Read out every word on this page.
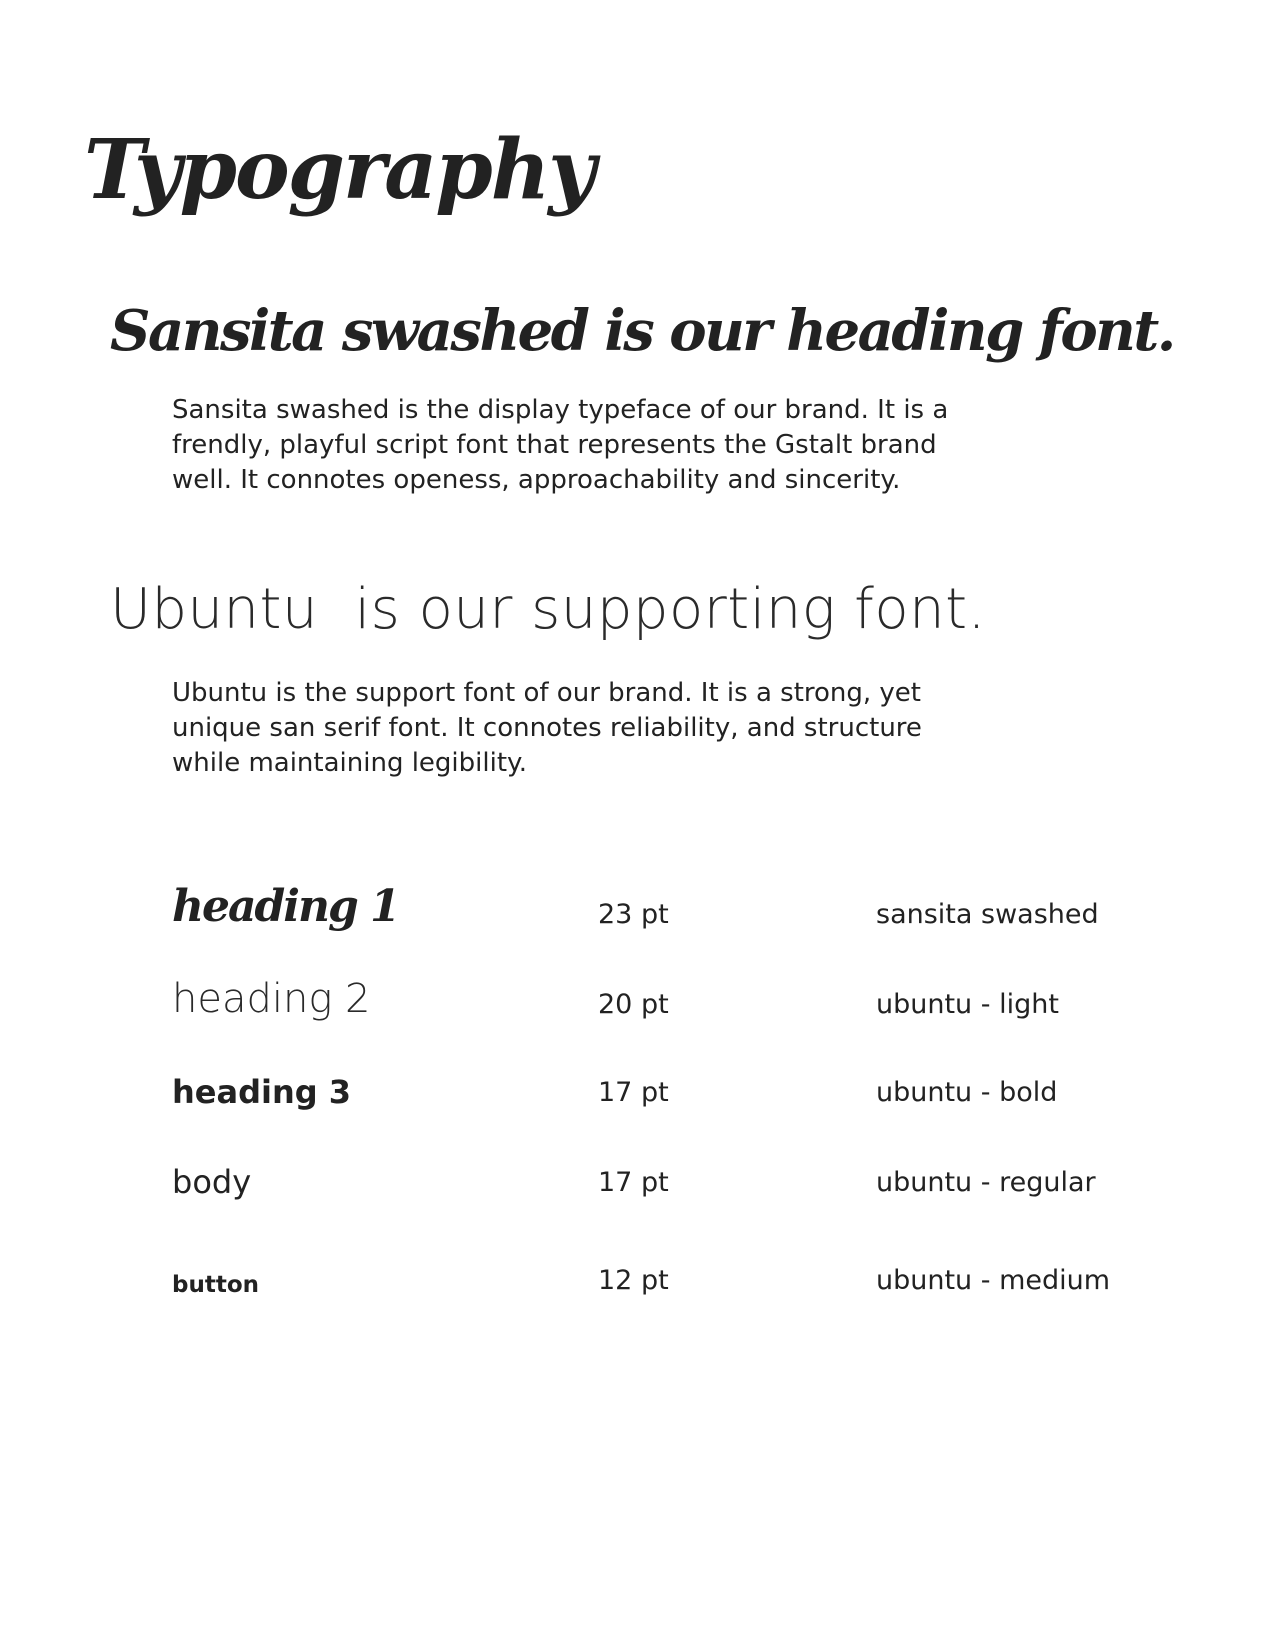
Typography
Sansita swashed is our heading font.

Sansita swashed is the display typeface of our brand. It is a
frendly, playful script font that represents the Gstalt brand
well. It connotes openess, approachability and sincerity.

Ubuntu  is our supporting font.

Ubuntu is the support font of our brand. It is a strong, yet
unique san serif font. It connotes reliability, and structure
while maintaining legibility.

heading 1	23 pt	sansita swashed
heading 2	20 pt	ubuntu - light
heading 3	17 pt	ubuntu - bold
body	17 pt	ubuntu - regular
button	12 pt	ubuntu - medium
